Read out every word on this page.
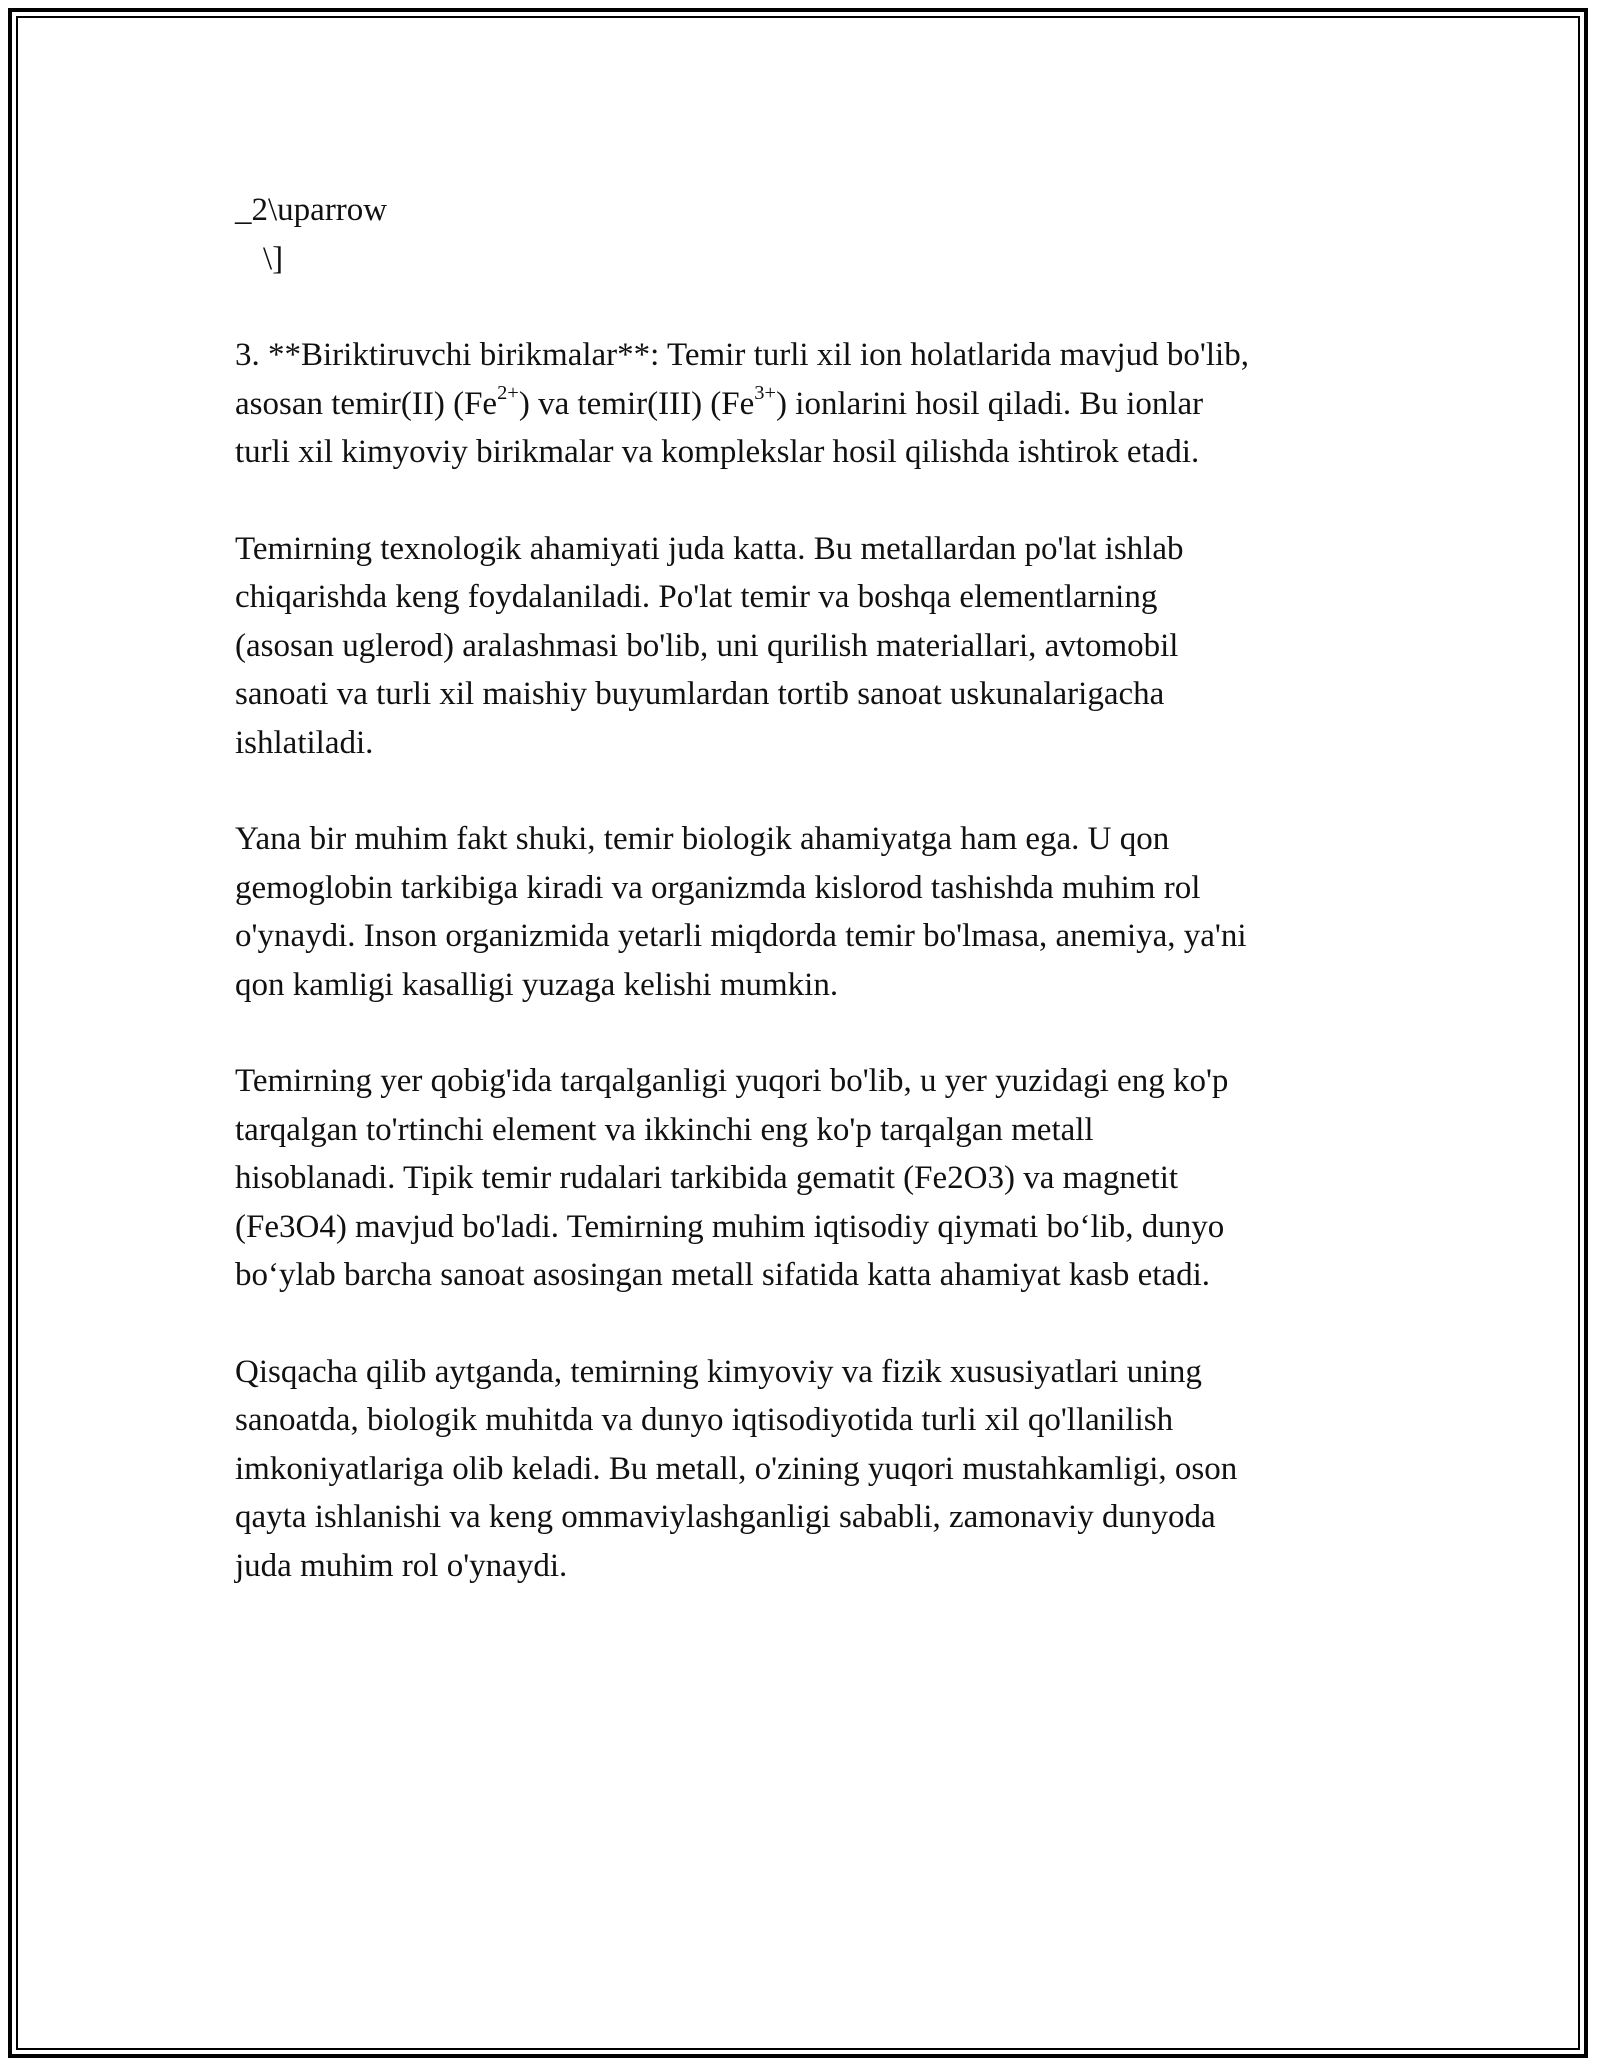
_2\uparrow
\]
3. **Biriktiruvchi birikmalar**: Temir turli xil ion holatlarida mavjud bo'lib,
asosan temir(II) $(Fe^{2+})$ va temir(III) $(Fe^{3+})$ ionlarini hosil qiladi. Bu ionlar
turli xil kimyoviy birikmalar va komplekslar hosil qilishda ishtirok etadi.
Temirning texnologik ahamiyati juda katta. Bu metallardan po'lat ishlab
chiqarishda keng foydalaniladi. Po'lat temir va boshqa elementlarning
(asosan uglerod) aralashmasi bo'lib, uni qurilish materiallari, avtomobil
sanoati va turli xil maishiy buyumlardan tortib sanoat uskunalarigacha
ishlatiladi.
Yana bir muhim fakt shuki, temir biologik ahamiyatga ham ega. U qon
gemoglobin tarkibiga kiradi va organizmda kislorod tashishda muhim rol
o'ynaydi. Inson organizmida yetarli miqdorda temir bo'lmasa, anemiya, ya'ni
qon kamligi kasalligi yuzaga kelishi mumkin.
Temirning yer qobig'ida tarqalganligi yuqori bo'lib, u yer yuzidagi eng ko'p
tarqalgan to'rtinchi element va ikkinchi eng ko'p tarqalgan metall
hisoblanadi. Tipik temir rudalari tarkibida gematit (Fe2O3) va magnetit
(Fe3O4) mavjud bo'ladi. Temirning muhim iqtisodiy qiymati bo‘lib, dunyo
bo‘ylab barcha sanoat asosingan metall sifatida katta ahamiyat kasb etadi.
Qisqacha qilib aytganda, temirning kimyoviy va fizik xususiyatlari uning
sanoatda, biologik muhitda va dunyo iqtisodiyotida turli xil qo'llanilish
imkoniyatlariga olib keladi. Bu metall, o'zining yuqori mustahkamligi, oson
qayta ishlanishi va keng ommaviylashganligi sababli, zamonaviy dunyoda
juda muhim rol o'ynaydi.
